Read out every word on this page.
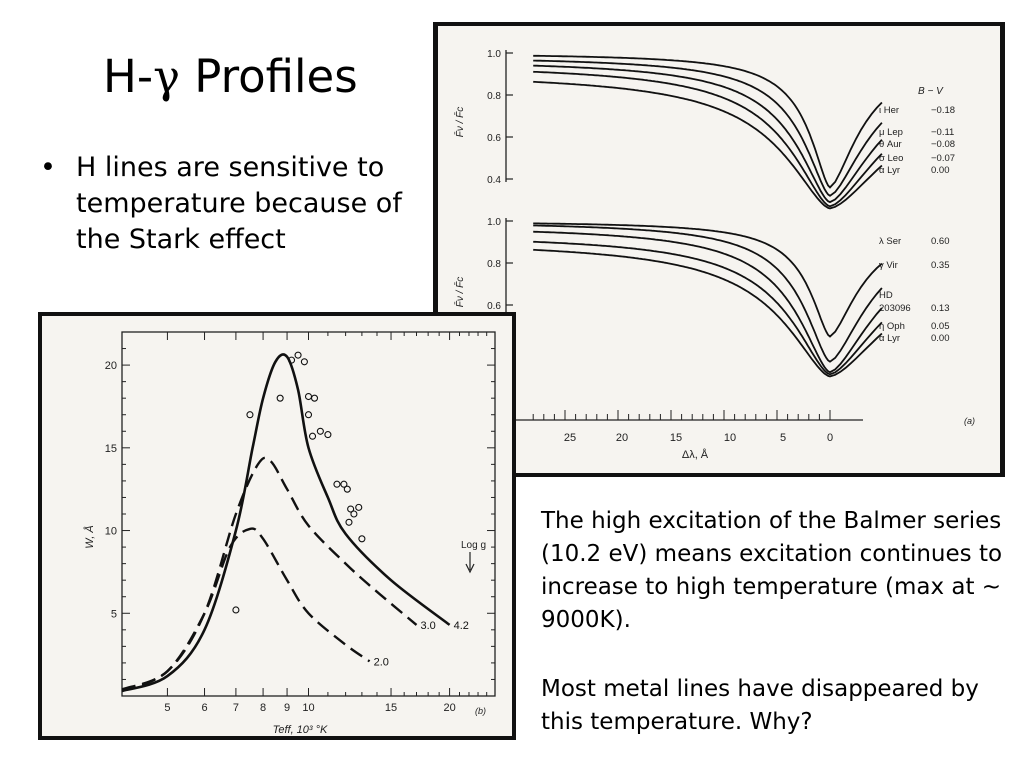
H-γ Profiles
• H lines are sensitive to temperature because of the Stark effect
1.0
0.8
0.6
0.4
F̄ν / F̄c
1.0
0.8
0.6
F̄ν / F̄c
25	20	15	10	5	0
Δλ, Å
(a)
B − V
ι Her	−0.18
μ Lep	−0.11
θ Aur	−0.08
σ Leo	−0.07
α Lyr	0.00
λ Ser	0.60
γ Vir	0.35
HD
203096 0.13
η Oph	0.05
α Lyr	0.00
Log g
(b)
W, Å
Teff, 10³ °K
5	6 7 8 9 10	15	20
5
10
15
20
4.2
3.0
2.0
The high excitation of the Balmer series (10.2 eV) means excitation continues to increase to high temperature (max at ~ 9000K).
Most metal lines have disappeared by this temperature. Why?
